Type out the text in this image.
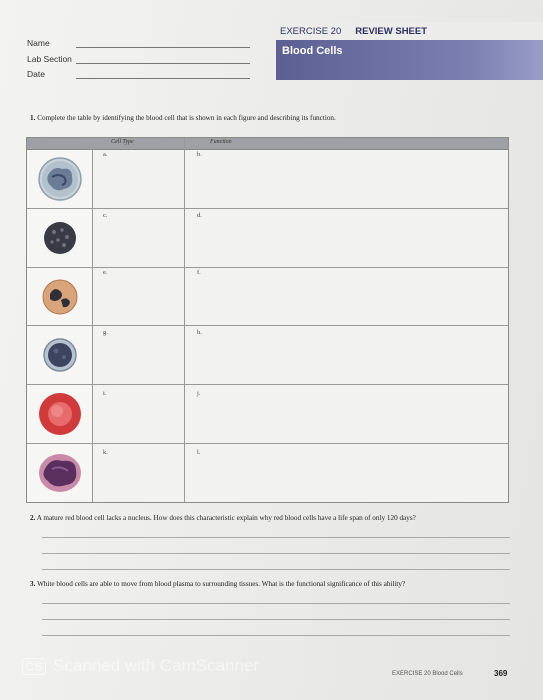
Name
Lab Section
Date
EXERCISE 20 REVIEW SHEET
Blood Cells
1. Complete the table by identifying the blood cell that is shown in each figure and describing its function.
Cell Type	Function
a.	b.
c.	d.
e.	f.
g.	h.
i.	j.
k.	l.
2. A mature red blood cell lacks a nucleus. How does this characteristic explain why red blood cells have a life span of only 120 days?
3. White blood cells are able to move from blood plasma to surrounding tissues. What is the functional significance of this ability?
CS Scanned with CamScanner	EXERCISE 20 Blood Cells	369
